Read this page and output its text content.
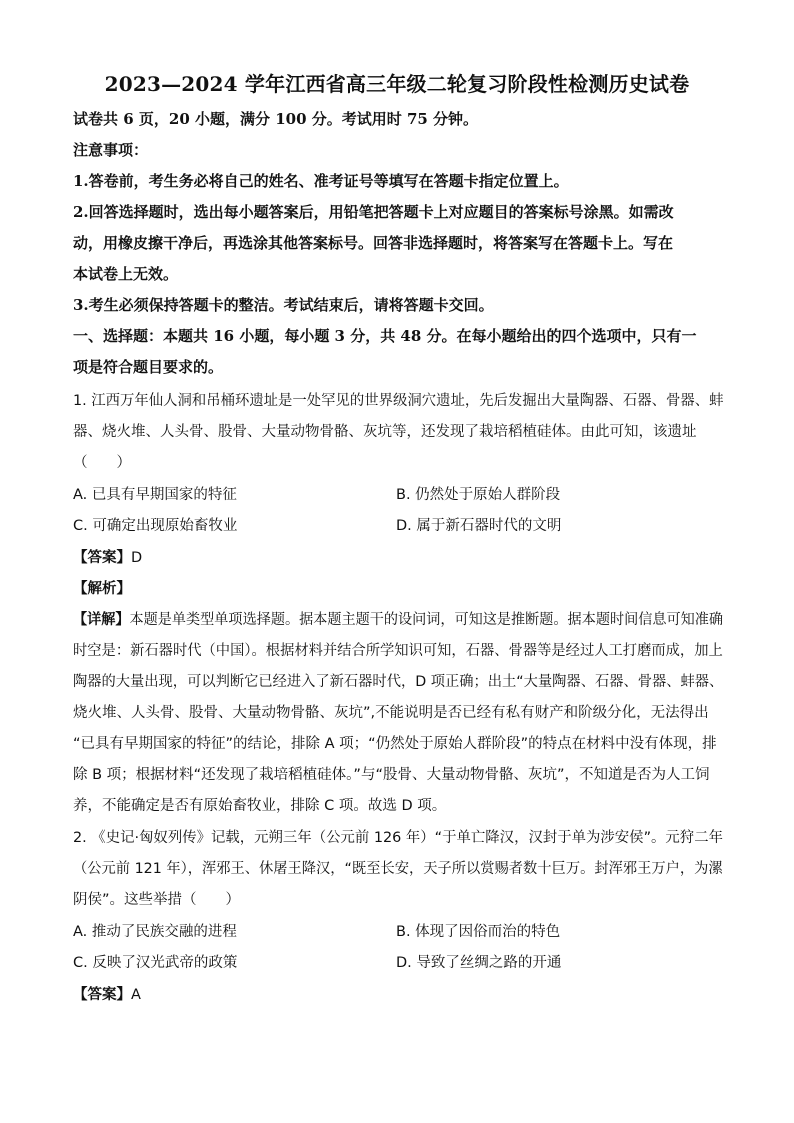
2023—2024 学年江西省高三年级二轮复习阶段性检测历史试卷
试卷共 6 页，20 小题，满分 100 分。考试用时 75 分钟。
注意事项：
1.答卷前，考生务必将自己的姓名、准考证号等填写在答题卡指定位置上。
2.回答选择题时，选出每小题答案后，用铅笔把答题卡上对应题目的答案标号涂黑。如需改
动，用橡皮擦干净后，再选涂其他答案标号。回答非选择题时，将答案写在答题卡上。写在
本试卷上无效。
3.考生必须保持答题卡的整洁。考试结束后，请将答题卡交回。
一、选择题：本题共 16 小题，每小题 3 分，共 48 分。在每小题给出的四个选项中，只有一
项是符合题目要求的。
1. 江西万年仙人洞和吊桶环遗址是一处罕见的世界级洞穴遗址，先后发掘出大量陶器、石器、骨器、蚌
器、烧火堆、人头骨、股骨、大量动物骨骼、灰坑等，还发现了栽培稻植硅体。由此可知，该遗址
（　　）
A. 已具有早期国家的特征	B. 仍然处于原始人群阶段
C. 可确定出现原始畜牧业	D. 属于新石器时代的文明
【答案】D
【解析】
【详解】本题是单类型单项选择题。据本题主题干的设问词，可知这是推断题。据本题时间信息可知准确
时空是：新石器时代（中国）。根据材料并结合所学知识可知，石器、骨器等是经过人工打磨而成，加上
陶器的大量出现，可以判断它已经进入了新石器时代，D 项正确；出土“大量陶器、石器、骨器、蚌器、
烧火堆、人头骨、股骨、大量动物骨骼、灰坑”,不能说明是否已经有私有财产和阶级分化，无法得出
“已具有早期国家的特征”的结论，排除 A 项；“仍然处于原始人群阶段”的特点在材料中没有体现，排
除 B 项；根据材料“还发现了栽培稻植硅体。”与“股骨、大量动物骨骼、灰坑”，不知道是否为人工饲
养，不能确定是否有原始畜牧业，排除 C 项。故选 D 项。
2. 《史记·匈奴列传》记载，元朔三年（公元前 126 年）“于单亡降汉，汉封于单为涉安侯”。元狩二年
（公元前 121 年），浑邪王、休屠王降汉，“既至长安，天子所以赏赐者数十巨万。封浑邪王万户，为漯
阴侯”。这些举措（　　）
A. 推动了民族交融的进程	B. 体现了因俗而治的特色
C. 反映了汉光武帝的政策	D. 导致了丝绸之路的开通
【答案】A
